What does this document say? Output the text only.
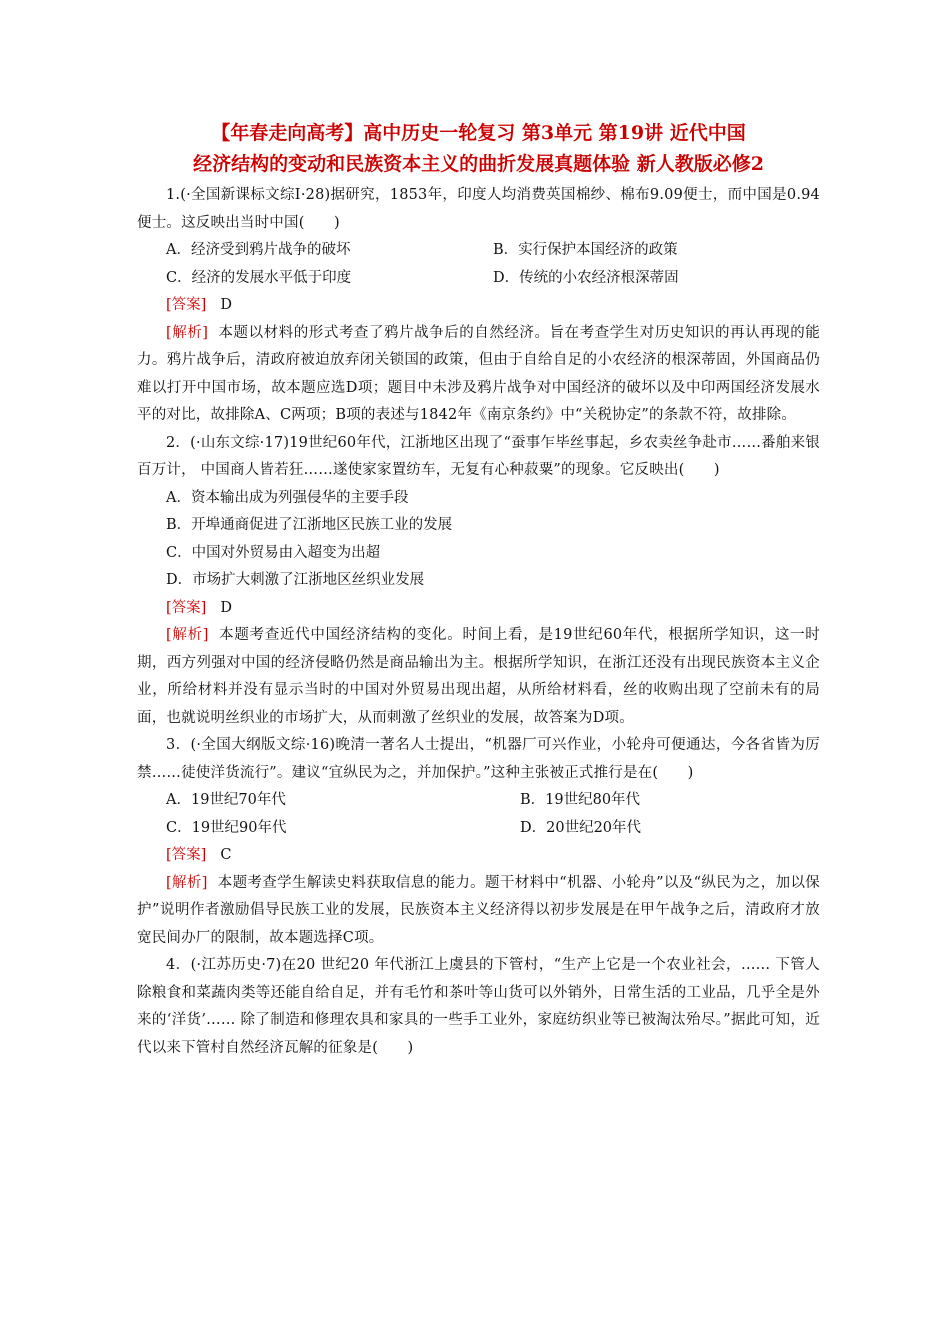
【年春走向高考】高中历史一轮复习 第3单元 第19讲 近代中国
经济结构的变动和民族资本主义的曲折发展真题体验 新人教版必修2

1.(·全国新课标文综Ⅰ·28)据研究，1853年，印度人均消费英国棉纱、棉布9.09便士，而中国是0.94便士。这反映出当时中国(　　)

A．经济受到鸦片战争的破坏	B．实行保护本国经济的政策
C．经济的发展水平低于印度	D．传统的小农经济根深蒂固

[答案] D

[解析] 本题以材料的形式考查了鸦片战争后的自然经济。旨在考查学生对历史知识的再认再现的能力。鸦片战争后，清政府被迫放弃闭关锁国的政策，但由于自给自足的小农经济的根深蒂固，外国商品仍难以打开中国市场，故本题应选D项；题目中未涉及鸦片战争对中国经济的破坏以及中印两国经济发展水平的对比，故排除A、C两项；B项的表述与1842年《南京条约》中“关税协定”的条款不符，故排除。

2．(·山东文综·17)19世纪60年代，江浙地区出现了“蚕事乍毕丝事起，乡农卖丝争赴市……番舶来银百万计， 中国商人皆若狂……遂使家家置纺车，无复有心种菽粟”的现象。它反映出(　　)

A．资本输出成为列强侵华的主要手段

B．开埠通商促进了江浙地区民族工业的发展

C．中国对外贸易由入超变为出超

D．市场扩大刺激了江浙地区丝织业发展

[答案] D

[解析] 本题考查近代中国经济结构的变化。时间上看，是19世纪60年代，根据所学知识，这一时期，西方列强对中国的经济侵略仍然是商品输出为主。根据所学知识，在浙江还没有出现民族资本主义企业，所给材料并没有显示当时的中国对外贸易出现出超，从所给材料看，丝的收购出现了空前未有的局面，也就说明丝织业的市场扩大，从而刺激了丝织业的发展，故答案为D项。

3．(·全国大纲版文综·16)晚清一著名人士提出，“机器厂可兴作业，小轮舟可便通达，今各省皆为厉禁……徒使洋货流行”。建议“宜纵民为之，并加保护。”这种主张被正式推行是在(　　)

A．19世纪70年代	B．19世纪80年代
C．19世纪90年代	D．20世纪20年代

[答案] C

[解析] 本题考查学生解读史料获取信息的能力。题干材料中“机器、小轮舟”以及“纵民为之，加以保护”说明作者激励倡导民族工业的发展，民族资本主义经济得以初步发展是在甲午战争之后，清政府才放宽民间办厂的限制，故本题选择C项。

4．(·江苏历史·7)在20 世纪20 年代浙江上虞县的下管村，“生产上它是一个农业社会，…… 下管人除粮食和菜蔬肉类等还能自给自足，并有毛竹和茶叶等山货可以外销外，日常生活的工业品，几乎全是外来的‘洋货’…… 除了制造和修理农具和家具的一些手工业外，家庭纺织业等已被淘汰殆尽。”据此可知，近代以来下管村自然经济瓦解的征象是(　　)
